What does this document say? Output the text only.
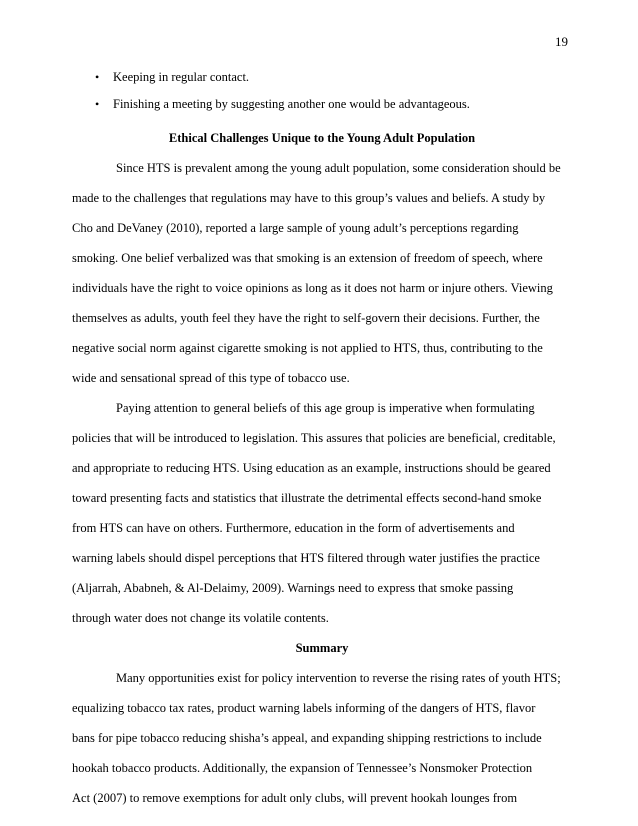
19
• Keeping in regular contact.
• Finishing a meeting by suggesting another one would be advantageous.
Ethical Challenges Unique to the Young Adult Population

Since HTS is prevalent among the young adult population, some consideration should be
made to the challenges that regulations may have to this group’s values and beliefs. A study by
Cho and DeVaney (2010), reported a large sample of young adult’s perceptions regarding
smoking. One belief verbalized was that smoking is an extension of freedom of speech, where
individuals have the right to voice opinions as long as it does not harm or injure others. Viewing
themselves as adults, youth feel they have the right to self-govern their decisions. Further, the
negative social norm against cigarette smoking is not applied to HTS, thus, contributing to the
wide and sensational spread of this type of tobacco use.

Paying attention to general beliefs of this age group is imperative when formulating
policies that will be introduced to legislation. This assures that policies are beneficial, creditable,
and appropriate to reducing HTS. Using education as an example, instructions should be geared
toward presenting facts and statistics that illustrate the detrimental effects second-hand smoke
from HTS can have on others. Furthermore, education in the form of advertisements and
warning labels should dispel perceptions that HTS filtered through water justifies the practice
(Aljarrah, Ababneh, & Al-Delaimy, 2009). Warnings need to express that smoke passing
through water does not change its volatile contents.

Summary

Many opportunities exist for policy intervention to reverse the rising rates of youth HTS;
equalizing tobacco tax rates, product warning labels informing of the dangers of HTS, flavor
bans for pipe tobacco reducing shisha’s appeal, and expanding shipping restrictions to include
hookah tobacco products. Additionally, the expansion of Tennessee’s Nonsmoker Protection
Act (2007) to remove exemptions for adult only clubs, will prevent hookah lounges from
